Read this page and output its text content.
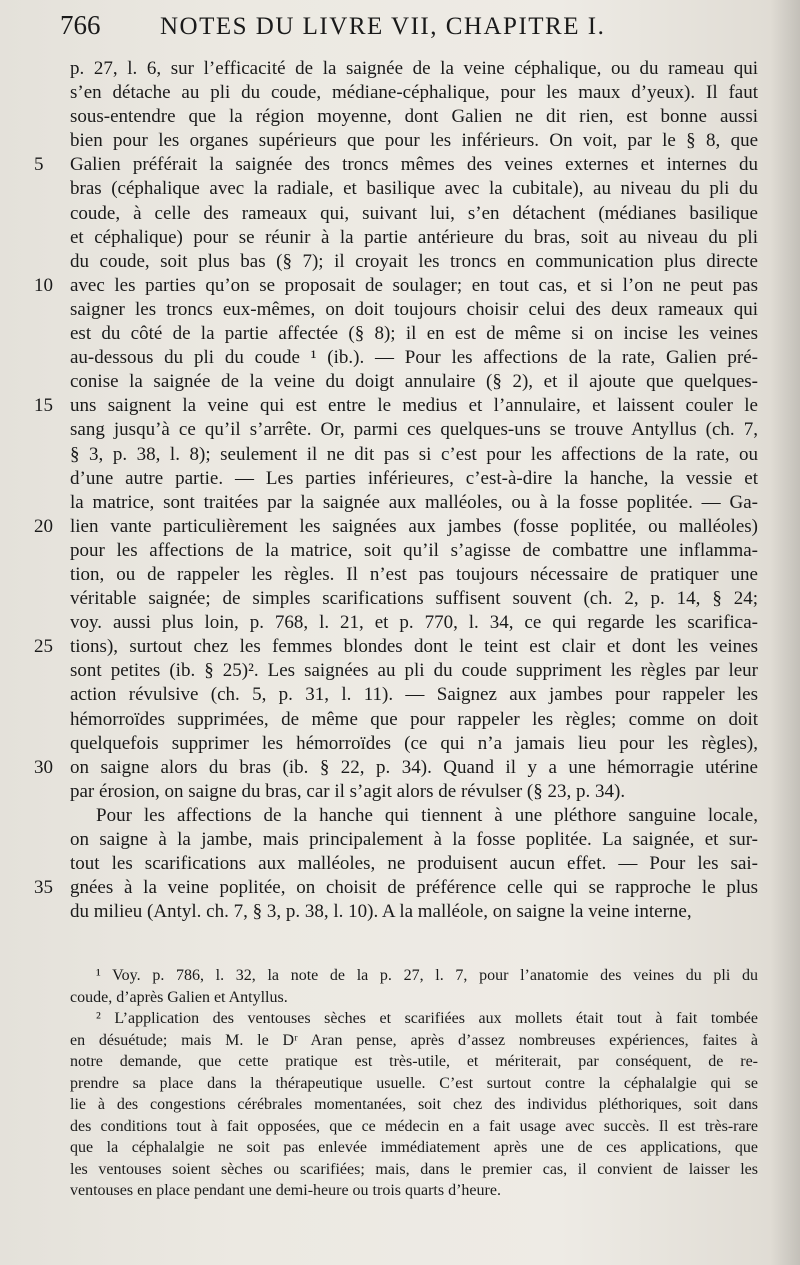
766	NOTES DU LIVRE VII, CHAPITRE I.
p. 27, l. 6, sur l’efficacité de la saignée de la veine céphalique, ou du rameau qui
s’en détache au pli du coude, médiane-céphalique, pour les maux d’yeux). Il faut
sous-entendre que la région moyenne, dont Galien ne dit rien, est bonne aussi
bien pour les organes supérieurs que pour les inférieurs. On voit, par le § 8, que
5	Galien préférait la saignée des troncs mêmes des veines externes et internes du
bras (céphalique avec la radiale, et basilique avec la cubitale), au niveau du pli du
coude, à celle des rameaux qui, suivant lui, s’en détachent (médianes basilique
et céphalique) pour se réunir à la partie antérieure du bras, soit au niveau du pli
du coude, soit plus bas (§ 7); il croyait les troncs en communication plus directe
10 avec les parties qu’on se proposait de soulager; en tout cas, et si l’on ne peut pas
saigner les troncs eux-mêmes, on doit toujours choisir celui des deux rameaux qui
est du côté de la partie affectée (§ 8); il en est de même si on incise les veines
au-dessous du pli du coude ¹ (ib.). — Pour les affections de la rate, Galien pré-
conise la saignée de la veine du doigt annulaire (§ 2), et il ajoute que quelques-
15 uns saignent la veine qui est entre le medius et l’annulaire, et laissent couler le
sang jusqu’à ce qu’il s’arrête. Or, parmi ces quelques-uns se trouve Antyllus (ch. 7,
§ 3, p. 38, l. 8); seulement il ne dit pas si c’est pour les affections de la rate, ou
d’une autre partie. — Les parties inférieures, c’est-à-dire la hanche, la vessie et
la matrice, sont traitées par la saignée aux malléoles, ou à la fosse poplitée. — Ga-
20 lien vante particulièrement les saignées aux jambes (fosse poplitée, ou malléoles)
pour les affections de la matrice, soit qu’il s’agisse de combattre une inflamma-
tion, ou de rappeler les règles. Il n’est pas toujours nécessaire de pratiquer une
véritable saignée; de simples scarifications suffisent souvent (ch. 2, p. 14, § 24;
voy. aussi plus loin, p. 768, l. 21, et p. 770, l. 34, ce qui regarde les scarifica-
25 tions), surtout chez les femmes blondes dont le teint est clair et dont les veines
sont petites (ib. § 25)². Les saignées au pli du coude suppriment les règles par leur
action révulsive (ch. 5, p. 31, l. 11). — Saignez aux jambes pour rappeler les
hémorroïdes supprimées, de même que pour rappeler les règles; comme on doit
quelquefois supprimer les hémorroïdes (ce qui n’a jamais lieu pour les règles),
30 on saigne alors du bras (ib. § 22, p. 34). Quand il y a une hémorragie utérine
par érosion, on saigne du bras, car il s’agit alors de révulser (§ 23, p. 34).
Pour les affections de la hanche qui tiennent à une pléthore sanguine locale,
on saigne à la jambe, mais principalement à la fosse poplitée. La saignée, et sur-
tout les scarifications aux malléoles, ne produisent aucun effet. — Pour les sai-
35 gnées à la veine poplitée, on choisit de préférence celle qui se rapproche le plus
du milieu (Antyl. ch. 7, § 3, p. 38, l. 10). A la malléole, on saigne la veine interne,
¹ Voy. p. 786, l. 32, la note de la p. 27, l. 7, pour l’anatomie des veines du pli du
coude, d’après Galien et Antyllus.
² L’application des ventouses sèches et scarifiées aux mollets était tout à fait tombée
en désuétude; mais M. le Dʳ Aran pense, après d’assez nombreuses expériences, faites à
notre demande, que cette pratique est très-utile, et mériterait, par conséquent, de re-
prendre sa place dans la thérapeutique usuelle. C’est surtout contre la céphalalgie qui se
lie à des congestions cérébrales momentanées, soit chez des individus pléthoriques, soit dans
des conditions tout à fait opposées, que ce médecin en a fait usage avec succès. Il est très-rare
que la céphalalgie ne soit pas enlevée immédiatement après une de ces applications, que
les ventouses soient sèches ou scarifiées; mais, dans le premier cas, il convient de laisser les
ventouses en place pendant une demi-heure ou trois quarts d’heure.
